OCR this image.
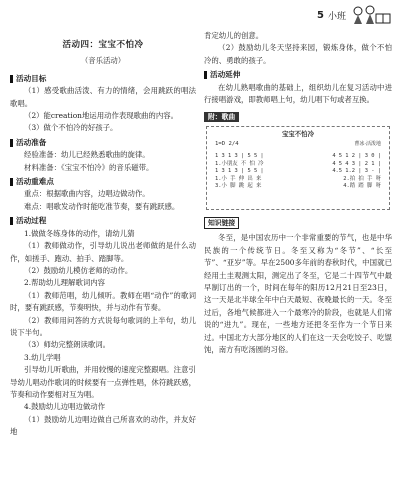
5 小班
活动四：宝宝不怕冷
（音乐活动）
活动目标

（1）感受歌曲活泼、有力的情绪，会用跳跃的唱法歌唱。

（2）能creation地运用动作表现歌曲的内容。

（3）做个不怕冷的好孩子。

活动准备

经验准备：幼儿已经熟悉歌曲的旋律。

材料准备：《宝宝不怕冷》的音乐磁带。

活动重难点

重点：根据歌曲内容，边唱边做动作。

难点：唱歌发动作时能吃准节奏，要有跳跃感。

活动过程

1.做做冬练身体的动作，请幼儿猜

（1）教师做动作，引导幼儿说出老师做的是什么动作，如搓手、跑动、拍手、踏脚等。

（2）鼓励幼儿模仿老师的动作。

2.帮助幼儿理解歌词内容

（1）教师范唱，幼儿倾听。教师在唱“动作”的歌词时，要有跳跃感，节奏明快，并与动作有节奏。

（2）教师用问答的方式说每句歌词的上半句，幼儿说下半句。

（3）师幼完整朗读歌词。

3.幼儿学唱

引导幼儿听歌曲，并用较慢的速度完整跟唱。注意引导幼儿唱动作歌词的时候要有一点弹性唱，休符跳跃感，节奏和动作要相对互为唱。

4.鼓励幼儿边唱边做动作

（1）鼓励幼儿边唱边做自己所喜欢的动作，并友好地

肯定幼儿的创意。

（2）鼓励幼儿冬天坚持来园，锻炼身体，做个不怕冷的、勇敢的孩子。

活动延伸

在幼儿熟唱歌曲的基础上，组织幼儿在复习活动中进行接唱游戏，即教师唱上句，幼儿唱下句或者互换。

附：歌曲
宝宝不怕冷
1=D 2/4	曹冰·活泼地
1 3 1 3 | 5 5 |	4 5 1 2 | 3 0 |
1.小朋友 不 怕 冷	4 5 4 3 | 2 1 |
1 3 1 3 | 5 5 |	4.5 1.2 | 3 - |
1.小 手 伸 出 来	2.拍 拍 手 呀
3.小 脚 跳 起 来	4.踏 踏 脚 呀
知识链接

冬至，是中国农历中一个非常重要的节气，也是中华民族的一个传统节日。冬至又称为“冬节”、“长至节”、“亚岁”等。早在2500多年前的春秋时代，中国就已经用土圭观测太阳，测定出了冬至，它是二十四节气中最早制订出的一个，时间在每年的阳历12月21日至23日，这一天是北半球全年中白天最短、夜晚最长的一天。冬至过后，各地气候都进入一个最寒冷的阶段，也就是人们常说的“进九”。现在，一些地方还把冬至作为一个节日来过。中国北方大部分地区的人们在这一天会吃饺子、吃馄饨，南方有吃汤圆的习俗。
